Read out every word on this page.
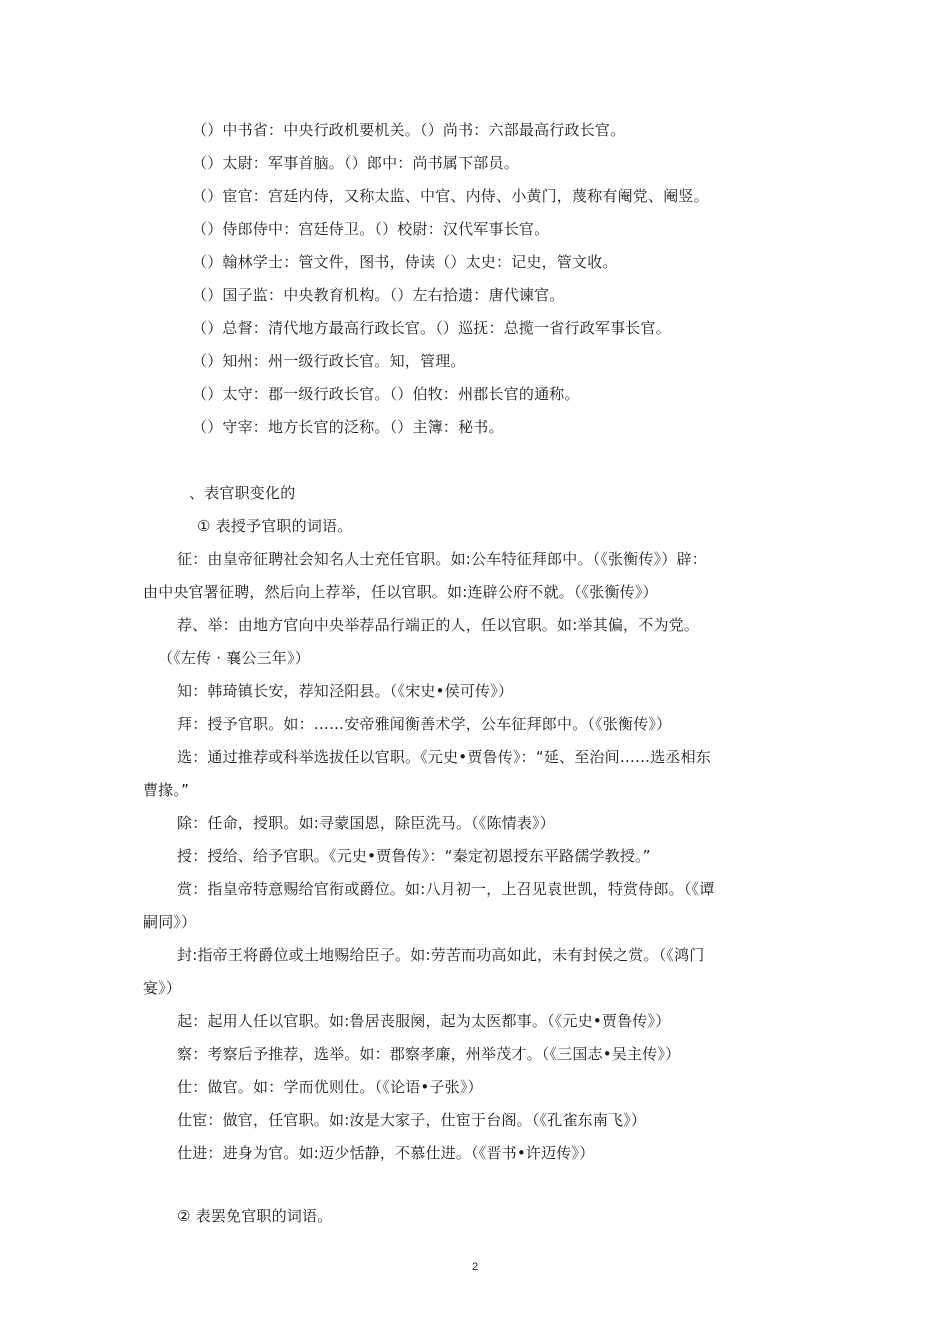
（）中书省：中央行政机要机关。（）尚书：六部最高行政长官。
（）太尉：军事首脑。（）郎中：尚书属下部员。
（）宦官：宫廷内侍，又称太监、中官、内侍、小黄门，蔑称有阉党、阉竖。
（）侍郎侍中：宫廷侍卫。（）校尉：汉代军事长官。
（）翰林学士：管文件，图书，侍读（）太史：记史，管文收。
（）国子监：中央教育机构。（）左右拾遗：唐代谏官。
（）总督：清代地方最高行政长官。（）巡抚：总揽一省行政军事长官。
（）知州：州一级行政长官。知，管理。
（）太守：郡一级行政长官。（）伯牧：州郡长官的通称。
（）守宰：地方长官的泛称。（）主簿：秘书。
、表官职变化的
① 表授予官职的词语。
征：由皇帝征聘社会知名人士充任官职。如:公车特征拜郎中。（《张衡传》）辟：
由中央官署征聘，然后向上荐举，任以官职。如:连辟公府不就。（《张衡传》）
荐、举：由地方官向中央举荐品行端正的人，任以官职。如:举其偏，不为党。
（《左传 · 襄公三年》）
知：韩琦镇长安，荐知泾阳县。（《宋史•侯可传》）
拜：授予官职。如：……安帝雅闻衡善术学，公车征拜郎中。（《张衡传》）
选：通过推荐或科举选拔任以官职。《元史•贾鲁传》：“延、至治间……选丞相东
曹掾。”
除：任命，授职。如:寻蒙国恩，除臣洗马。（《陈情表》）
授：授给、给予官职。《元史•贾鲁传》：“秦定初恩授东平路儒学教授。”
赏：指皇帝特意赐给官衔或爵位。如:八月初一，上召见袁世凯，特赏侍郎。（《谭
嗣同》）
封:指帝王将爵位或土地赐给臣子。如:劳苦而功高如此，未有封侯之赏。（《鸿门
宴》）
起：起用人任以官职。如:鲁居丧服阕，起为太医都事。（《元史•贾鲁传》）
察：考察后予推荐，选举。如：郡察孝廉，州举茂才。（《三国志•吴主传》）
仕：做官。如：学而优则仕。（《论语•子张》）
仕宦：做官，任官职。如:汝是大家子，仕宦于台阁。（《孔雀东南飞》）
仕进：进身为官。如:迈少恬静，不慕仕进。（《晋书•许迈传》）
② 表罢免官职的词语。
2
